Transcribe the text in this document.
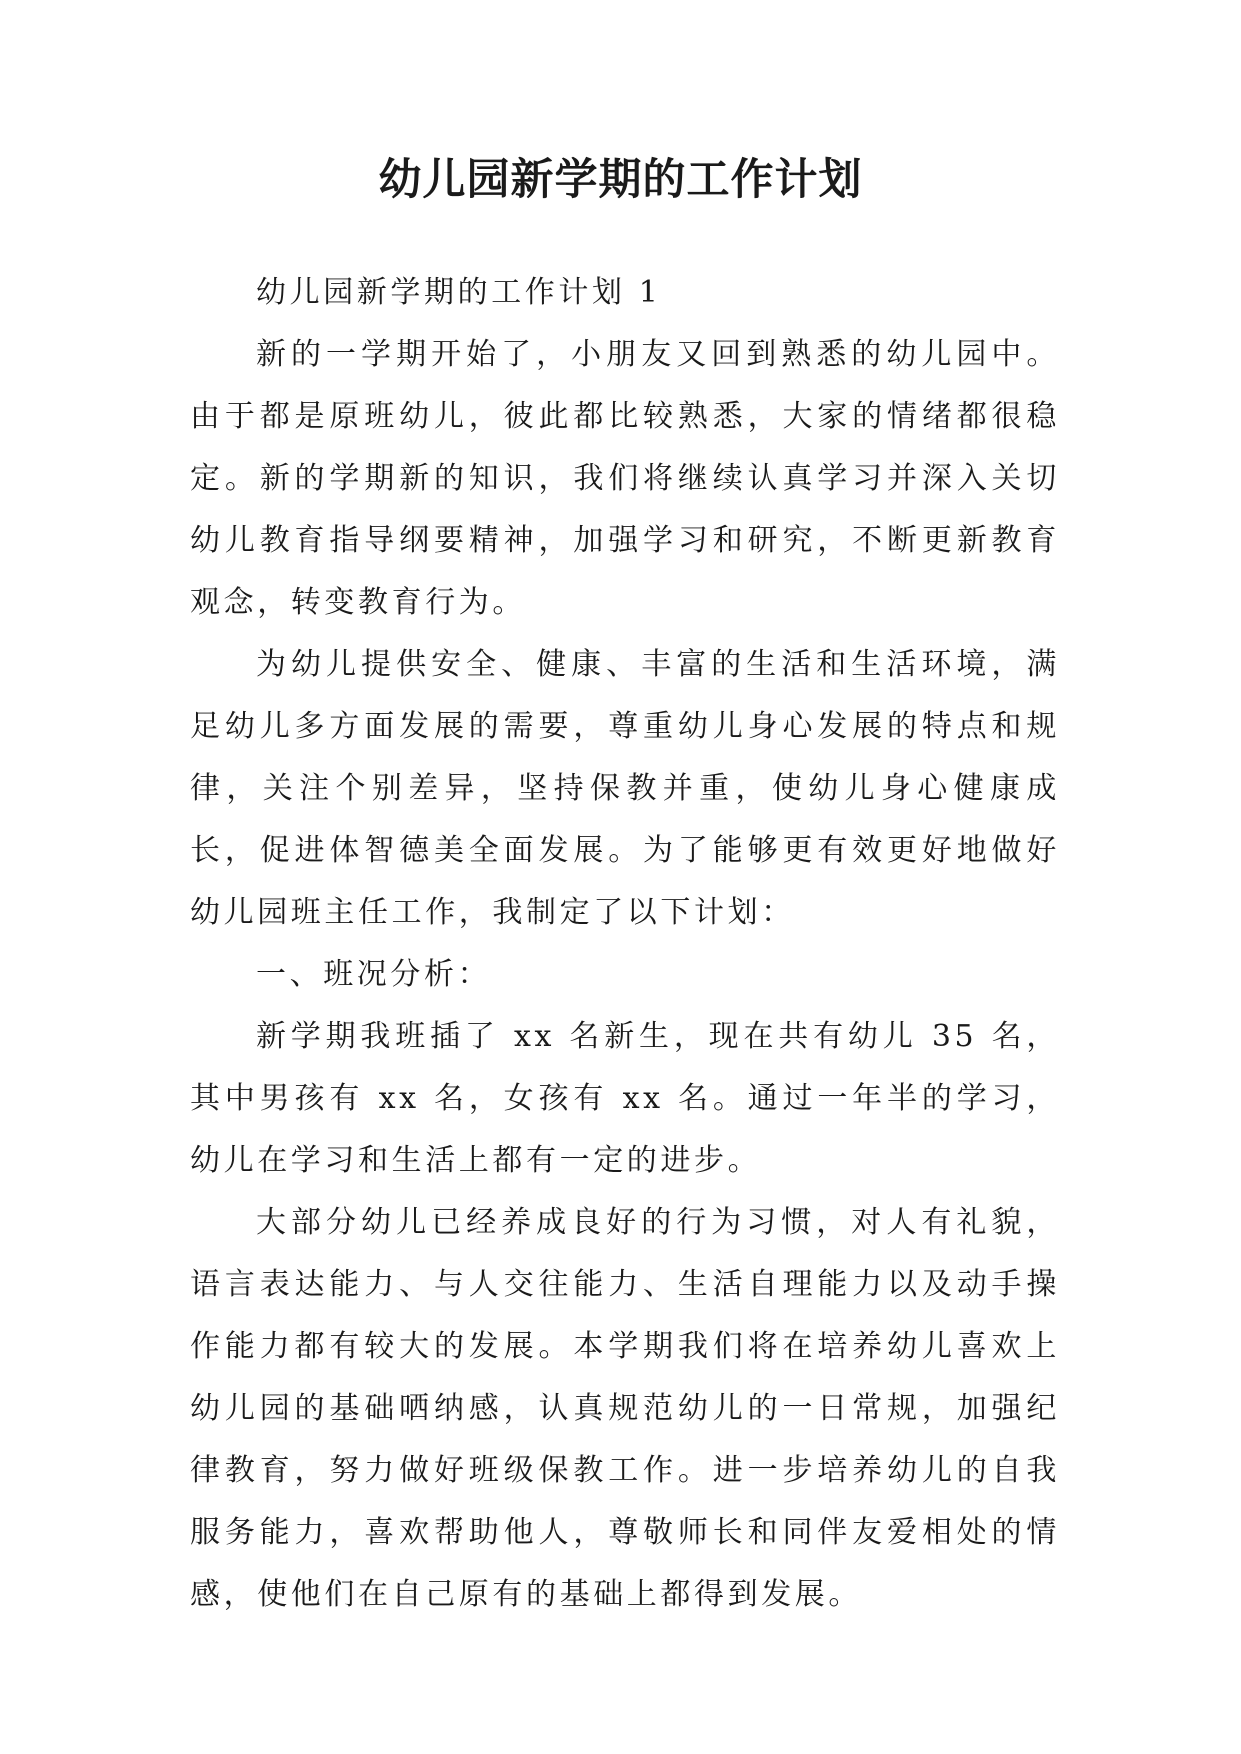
幼儿园新学期的工作计划

幼儿园新学期的工作计划 1

新的一学期开始了，小朋友又回到熟悉的幼儿园中。由于都是原班幼儿，彼此都比较熟悉，大家的情绪都很稳定。新的学期新的知识，我们将继续认真学习并深入关切幼儿教育指导纲要精神，加强学习和研究，不断更新教育观念，转变教育行为。

为幼儿提供安全、健康、丰富的生活和生活环境，满足幼儿多方面发展的需要，尊重幼儿身心发展的特点和规律，关注个别差异，坚持保教并重，使幼儿身心健康成长，促进体智德美全面发展。为了能够更有效更好地做好幼儿园班主任工作，我制定了以下计划：

一、班况分析：

新学期我班插了 xx 名新生，现在共有幼儿 35 名，其中男孩有 xx 名，女孩有 xx 名。通过一年半的学习，幼儿在学习和生活上都有一定的进步。

大部分幼儿已经养成良好的行为习惯，对人有礼貌，语言表达能力、与人交往能力、生活自理能力以及动手操作能力都有较大的发展。本学期我们将在培养幼儿喜欢上幼儿园的基础哂纳感，认真规范幼儿的一日常规，加强纪律教育，努力做好班级保教工作。进一步培养幼儿的自我服务能力，喜欢帮助他人，尊敬师长和同伴友爱相处的情感，使他们在自己原有的基础上都得到发展。
